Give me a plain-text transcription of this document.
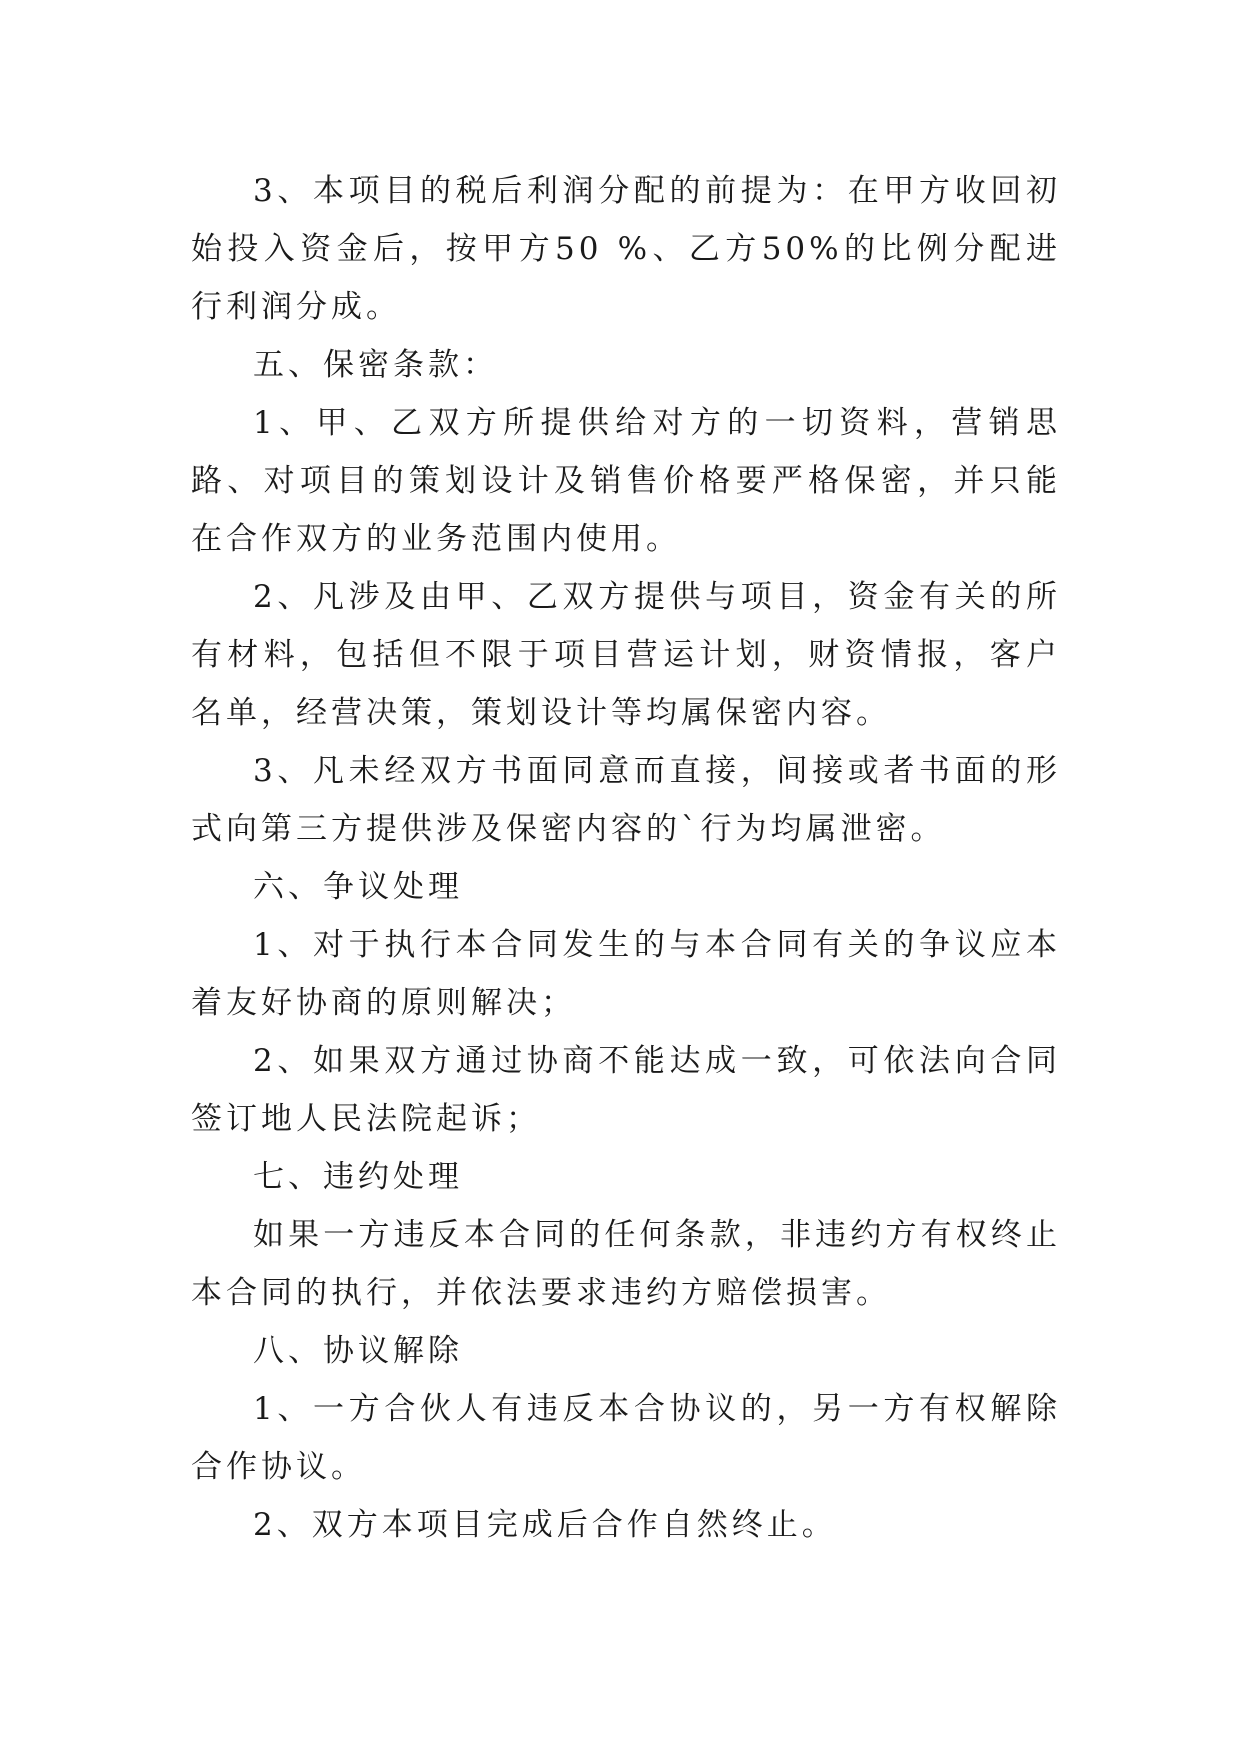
3、本项目的税后利润分配的前提为：在甲方收回初始投入资金后，按甲方50 %、乙方50%的比例分配进行利润分成。

五、保密条款：

1、甲、乙双方所提供给对方的一切资料，营销思路、对项目的策划设计及销售价格要严格保密，并只能在合作双方的业务范围内使用。

2、凡涉及由甲、乙双方提供与项目，资金有关的所有材料，包括但不限于项目营运计划，财资情报，客户名单，经营决策，策划设计等均属保密内容。

3、凡未经双方书面同意而直接，间接或者书面的形式向第三方提供涉及保密内容的`行为均属泄密。

六、争议处理

1、对于执行本合同发生的与本合同有关的争议应本着友好协商的原则解决；

2、如果双方通过协商不能达成一致，可依法向合同签订地人民法院起诉；

七、违约处理

如果一方违反本合同的任何条款，非违约方有权终止本合同的执行，并依法要求违约方赔偿损害。

八、协议解除

1、一方合伙人有违反本合协议的，另一方有权解除合作协议。

2、双方本项目完成后合作自然终止。
